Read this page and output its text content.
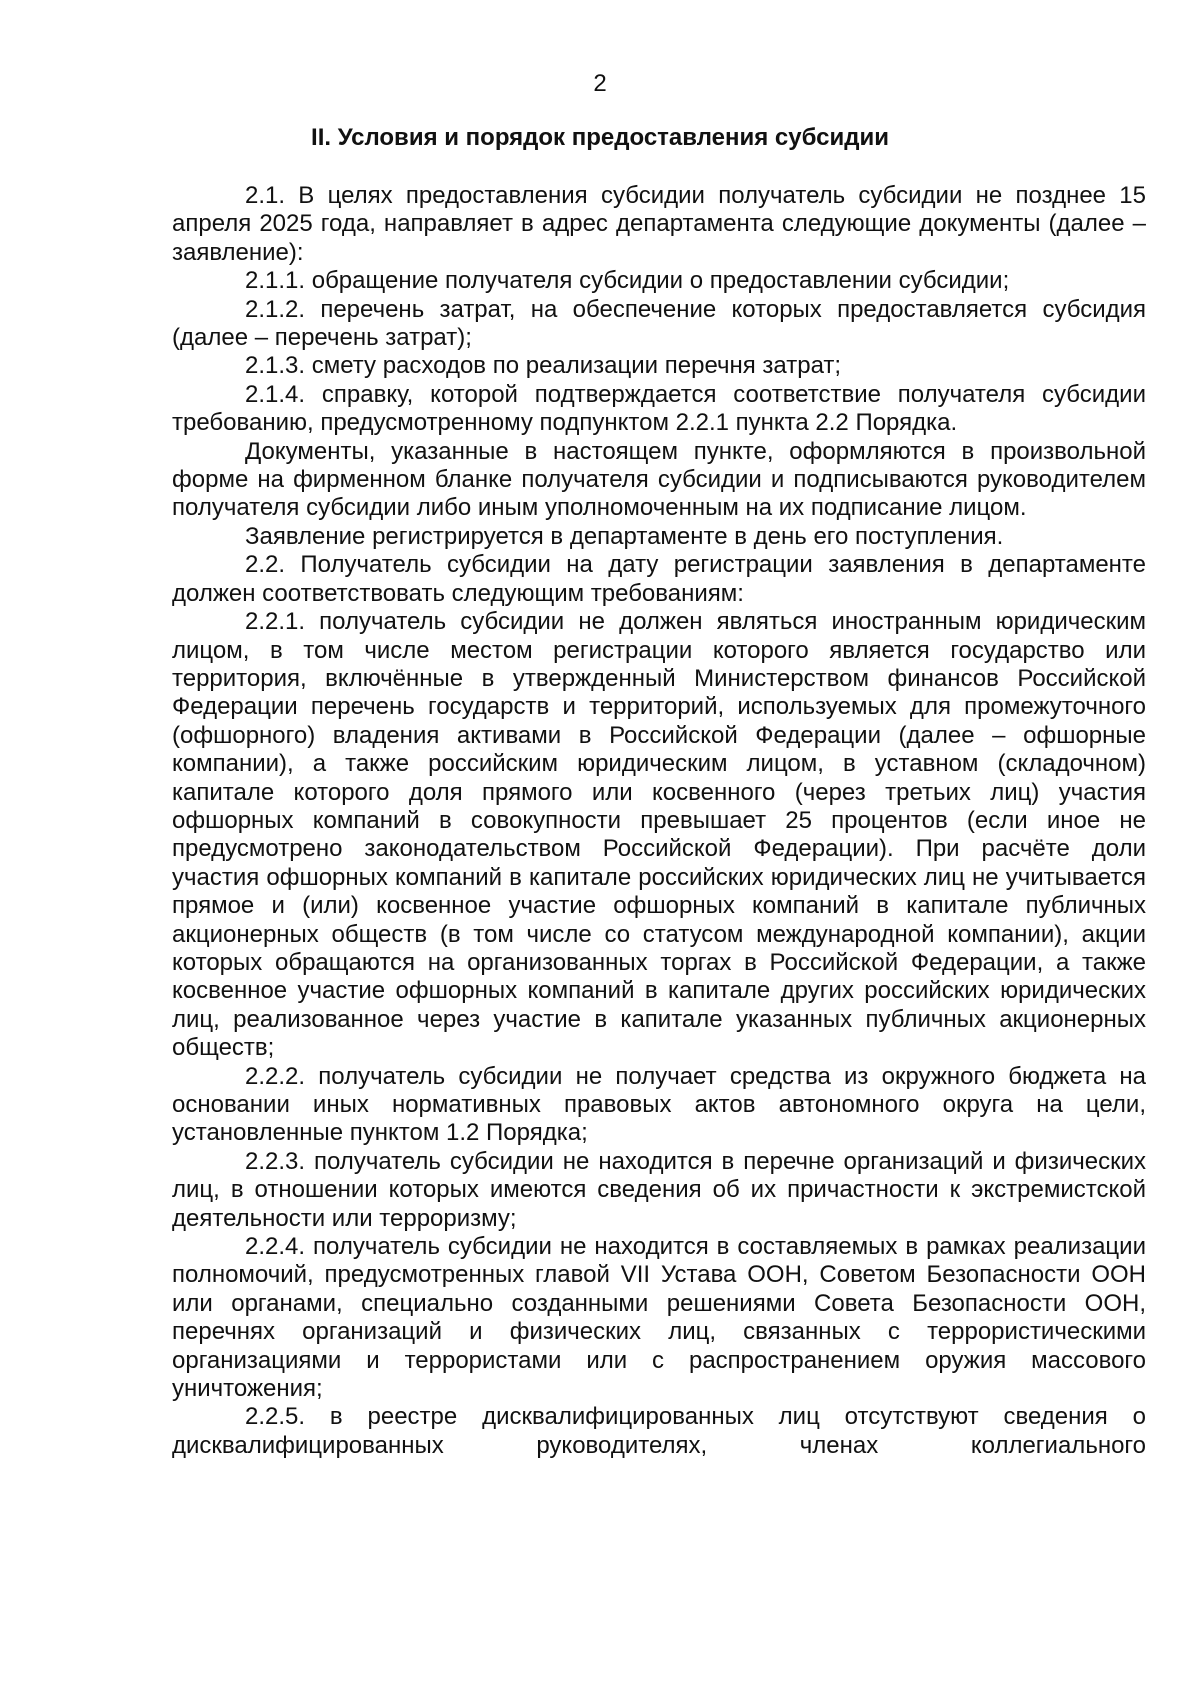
2
II. Условия и порядок предоставления субсидии

2.1. В целях предоставления субсидии получатель субсидии не позднее 15 апреля 2025 года, направляет в адрес департамента следующие документы (далее – заявление):

2.1.1. обращение получателя субсидии о предоставлении субсидии;

2.1.2. перечень затрат, на обеспечение которых предоставляется субсидия (далее – перечень затрат);

2.1.3. смету расходов по реализации перечня затрат;

2.1.4. справку, которой подтверждается соответствие получателя субсидии требованию, предусмотренному подпунктом 2.2.1 пункта 2.2 Порядка.

Документы, указанные в настоящем пункте, оформляются в произвольной форме на фирменном бланке получателя субсидии и подписываются руководителем получателя субсидии либо иным уполномоченным на их подписание лицом.

Заявление регистрируется в департаменте в день его поступления.

2.2. Получатель субсидии на дату регистрации заявления в департаменте должен соответствовать следующим требованиям:

2.2.1. получатель субсидии не должен являться иностранным юридическим лицом, в том числе местом регистрации которого является государство или территория, включённые в утвержденный Министерством финансов Российской Федерации перечень государств и территорий, используемых для промежуточного (офшорного) владения активами в Российской Федерации (далее – офшорные компании), а также российским юридическим лицом, в уставном (складочном) капитале которого доля прямого или косвенного (через третьих лиц) участия офшорных компаний в совокупности превышает 25 процентов (если иное не предусмотрено законодательством Российской Федерации). При расчёте доли участия офшорных компаний в капитале российских юридических лиц не учитывается прямое и (или) косвенное участие офшорных компаний в капитале публичных акционерных обществ (в том числе со статусом международной компании), акции которых обращаются на организованных торгах в Российской Федерации, а также косвенное участие офшорных компаний в капитале других российских юридических лиц, реализованное через участие в капитале указанных публичных акционерных обществ;

2.2.2. получатель субсидии не получает средства из окружного бюджета на основании иных нормативных правовых актов автономного округа на цели, установленные пунктом 1.2 Порядка;

2.2.3. получатель субсидии не находится в перечне организаций и физических лиц, в отношении которых имеются сведения об их причастности к экстремистской деятельности или терроризму;

2.2.4. получатель субсидии не находится в составляемых в рамках реализации полномочий, предусмотренных главой VII Устава ООН, Советом Безопасности ООН или органами, специально созданными решениями Совета Безопасности ООН, перечнях организаций и физических лиц, связанных с террористическими организациями и террористами или с распространением оружия массового уничтожения;

2.2.5. в реестре дисквалифицированных лиц отсутствуют сведения о дисквалифицированных руководителях, членах коллегиального
